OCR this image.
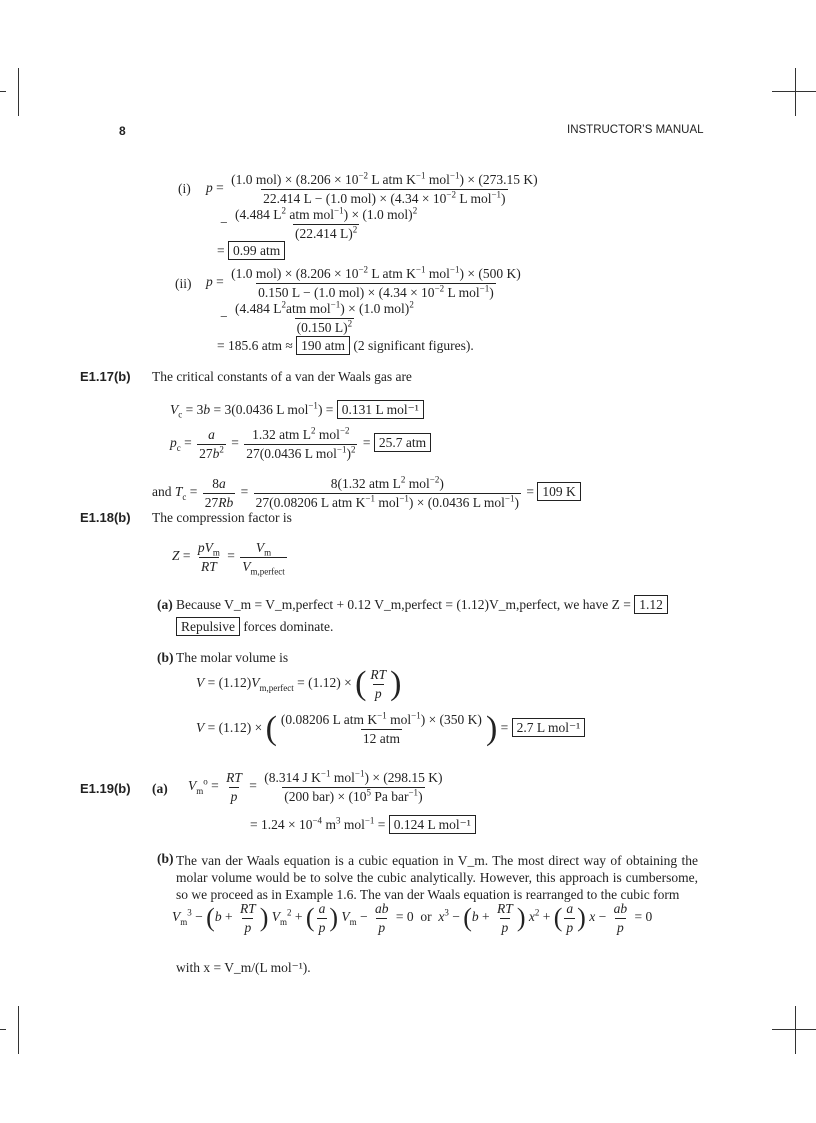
8	INSTRUCTOR’S MANUAL
(i) $p = \frac{(1.0 mol) \times (8.206 \times 10^{-2} L atm K^{-1} mol^{-1}) \times (273.15 K)}{22.414 L - (1.0 mol) \times (4.34 \times 10^{-2} L mol^{-1})}$
− $\frac{(4.484 L^2 atm mol^{-1}) \times (1.0 mol)^2}{(22.414 L)^2}$
= 0.99 atm
(ii) $p = \frac{(1.0 mol) \times (8.206 \times 10^{-2} L atm K^{-1} mol^{-1}) \times (500 K)}{0.150 L - (1.0 mol) \times (4.34 \times 10^{-2} L mol^{-1})}$
− $\frac{(4.484 L^2atm mol^{-1}) \times (1.0 mol)^2}{(0.150 L)^2}$
= 185.6 atm ≈ 190 atm (2 significant figures).
E1.17(b) The critical constants of a van der Waals gas are
$V_c = 3b = 3(0.0436$ L mol$^{-1}$) = 0.131 L mol⁻¹
$p_c = \frac{a}{27b^2} = \frac{1.32 atm L^2 mol^{-2}}{27(0.0436 L mol^{-1})^2} = 25.7$ atm
and $T_c = \frac{8a}{27Rb} = \frac{8(1.32 atm L^2 mol^{-2})}{27(0.08206 L atm K^{-1} mol^{-1}) \times (0.0436 L mol^{-1})} = 109$ K
E1.18(b) The compression factor is
$Z = \frac{pV_m}{RT} = \frac{V_m}{V_{m,perfect}}$
(a) Because V_m = V_m,perfect + 0.12 V_m,perfect = (1.12)V_m,perfect, we have Z = 1.12
Repulsive forces dominate.
(b) The molar volume is
$V = (1.12)V_{m,perfect} = (1.12)$ × ( $\frac{RT}{p}$ )
V = (1.12) × ( $\frac{(0.08206 L atm K^{-1} mol^{-1}) \times (350 K)}{\text{12 atm}}$ ) = 2.7 L mol⁻¹
E1.19(b) (a) $V_m^o = \frac{RT}{p} = \frac{(8.314 J K^{-1} mol^{-1}) \times (298.15 K)}{(200 bar) \times (10^5 Pa bar^{-1})}$
= $1.24 \times 10^{-4}$ $m^3$ mol$^{-1}$ = 0.124 L mol⁻¹
(b) The van der Waals equation is a cubic equation in V_m. The most direct way of obtaining the molar volume would be to solve the cubic analytically. However, this approach is cumbersome, so we proceed as in Example 1.6. The van der Waals equation is rearranged to the cubic form
$V_m^3 - (b + \frac{RT}{p}$ ) $V_m^2$ + ( $\frac{a}{p}$ ) $V_m - \frac{ab}{p} = 0$  or $x^3 - (b + \frac{RT}{p}$ ) $x^2$ + ( $\frac{a}{p}$ ) $x - \frac{ab}{p} = 0$
with x = V_m/(L mol⁻¹).
